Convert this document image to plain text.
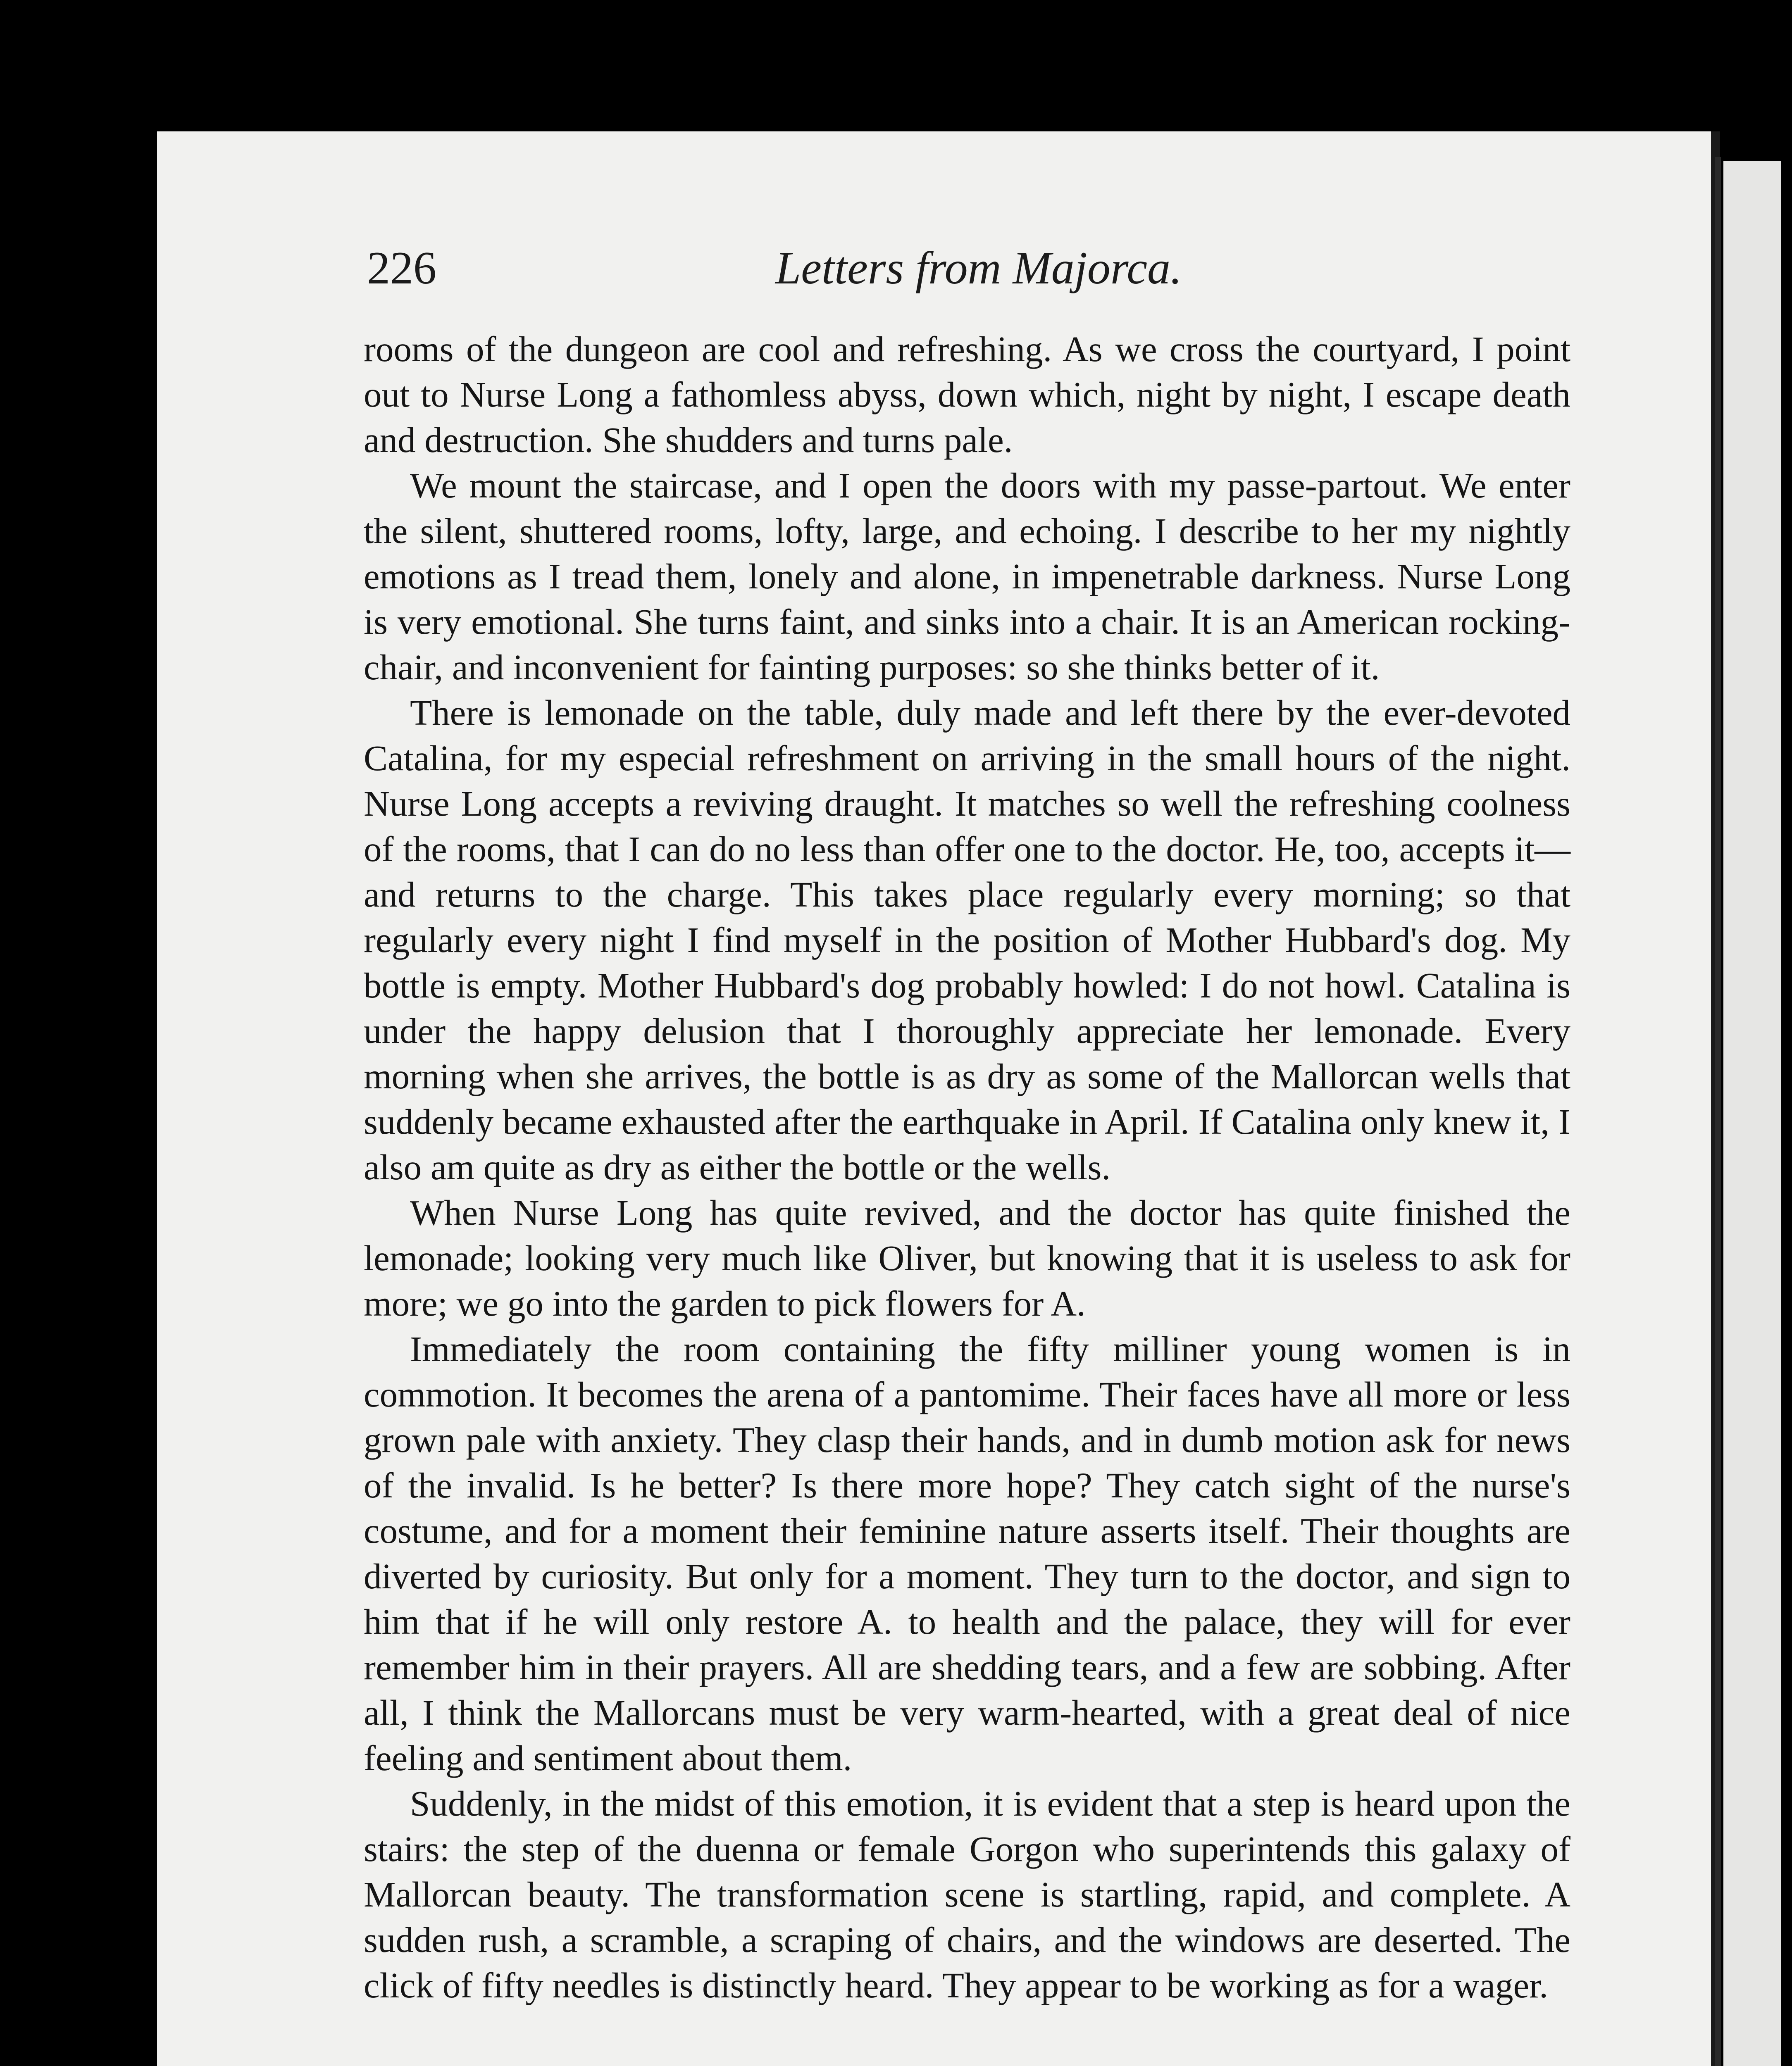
226	Letters from Majorca.

rooms of the dungeon are cool and refreshing. As we cross the courtyard, I point out to Nurse Long a fathomless abyss, down which, night by night, I escape death and destruction. She shudders and turns pale.

We mount the staircase, and I open the doors with my passe-partout. We enter the silent, shuttered rooms, lofty, large, and echoing. I describe to her my nightly emotions as I tread them, lonely and alone, in impenetrable darkness. Nurse Long is very emotional. She turns faint, and sinks into a chair. It is an American rocking-chair, and inconvenient for fainting purposes: so she thinks better of it.

There is lemonade on the table, duly made and left there by the ever-devoted Catalina, for my especial refreshment on arriving in the small hours of the night. Nurse Long accepts a reviving draught. It matches so well the refreshing coolness of the rooms, that I can do no less than offer one to the doctor. He, too, accepts it—and returns to the charge. This takes place regularly every morning; so that regularly every night I find myself in the position of Mother Hubbard's dog. My bottle is empty. Mother Hubbard's dog probably howled: I do not howl. Catalina is under the happy delusion that I thoroughly appreciate her lemonade. Every morning when she arrives, the bottle is as dry as some of the Mallorcan wells that suddenly became exhausted after the earthquake in April. If Catalina only knew it, I also am quite as dry as either the bottle or the wells.

When Nurse Long has quite revived, and the doctor has quite finished the lemonade; looking very much like Oliver, but knowing that it is useless to ask for more; we go into the garden to pick flowers for A.

Immediately the room containing the fifty milliner young women is in commotion. It becomes the arena of a pantomime. Their faces have all more or less grown pale with anxiety. They clasp their hands, and in dumb motion ask for news of the invalid. Is he better? Is there more hope? They catch sight of the nurse's costume, and for a moment their feminine nature asserts itself. Their thoughts are diverted by curiosity. But only for a moment. They turn to the doctor, and sign to him that if he will only restore A. to health and the palace, they will for ever remember him in their prayers. All are shedding tears, and a few are sobbing. After all, I think the Mallorcans must be very warm-hearted, with a great deal of nice feeling and sentiment about them.

Suddenly, in the midst of this emotion, it is evident that a step is heard upon the stairs: the step of the duenna or female Gorgon who superintends this galaxy of Mallorcan beauty. The transformation scene is startling, rapid, and complete. A sudden rush, a scramble, a scraping of chairs, and the windows are deserted. The click of fifty needles is distinctly heard. They appear to be working as for a wager.
